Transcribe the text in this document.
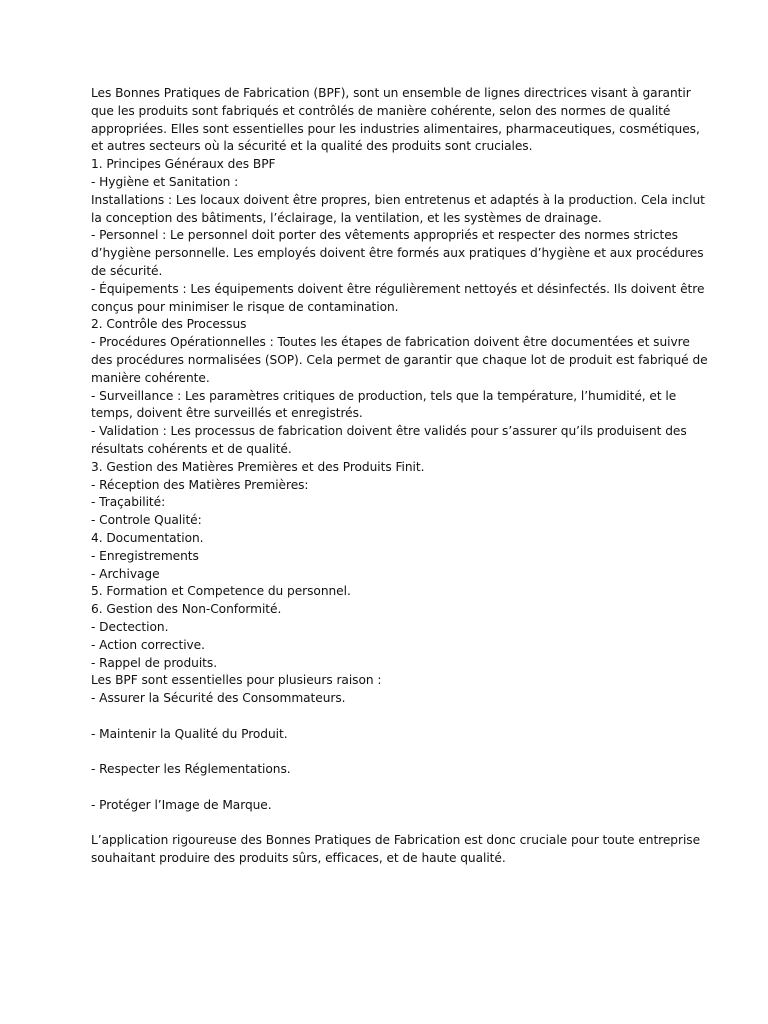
Les Bonnes Pratiques de Fabrication (BPF), sont un ensemble de lignes directrices visant à garantir
que les produits sont fabriqués et contrôlés de manière cohérente, selon des normes de qualité
appropriées. Elles sont essentielles pour les industries alimentaires, pharmaceutiques, cosmétiques,
et autres secteurs où la sécurité et la qualité des produits sont cruciales.
1. Principes Généraux des BPF
- Hygiène et Sanitation :
Installations : Les locaux doivent être propres, bien entretenus et adaptés à la production. Cela inclut
la conception des bâtiments, l’éclairage, la ventilation, et les systèmes de drainage.
- Personnel : Le personnel doit porter des vêtements appropriés et respecter des normes strictes
d’hygiène personnelle. Les employés doivent être formés aux pratiques d’hygiène et aux procédures
de sécurité.
- Équipements : Les équipements doivent être régulièrement nettoyés et désinfectés. Ils doivent être
conçus pour minimiser le risque de contamination.
2. Contrôle des Processus
- Procédures Opérationnelles : Toutes les étapes de fabrication doivent être documentées et suivre
des procédures normalisées (SOP). Cela permet de garantir que chaque lot de produit est fabriqué de
manière cohérente.
- Surveillance : Les paramètres critiques de production, tels que la température, l’humidité, et le
temps, doivent être surveillés et enregistrés.
- Validation : Les processus de fabrication doivent être validés pour s’assurer qu’ils produisent des
résultats cohérents et de qualité.
3. Gestion des Matières Premières et des Produits Finit.
- Réception des Matières Premières:
- Traçabilité:
- Controle Qualité:
4. Documentation.
- Enregistrements
- Archivage
5. Formation et Competence du personnel.
6. Gestion des Non-Conformité.
- Dectection.
- Action corrective.
- Rappel de produits.
Les BPF sont essentielles pour plusieurs raison :
- Assurer la Sécurité des Consommateurs.
- Maintenir la Qualité du Produit.
- Respecter les Réglementations.
- Protéger l’Image de Marque.
L’application rigoureuse des Bonnes Pratiques de Fabrication est donc cruciale pour toute entreprise
souhaitant produire des produits sûrs, efficaces, et de haute qualité.
